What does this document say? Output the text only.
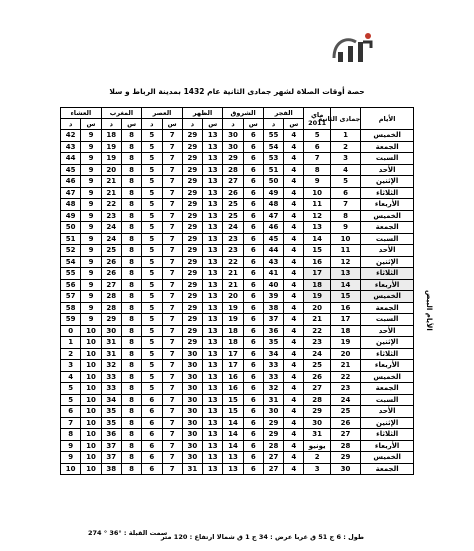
حصة أوقات الصلاة لشهر جمادى الثانية عام 1432 بمدينة الرباط و سلا
الأيام	جمادى الثانية	ماي
2011	الفجر		الشروق		الظهر		العصر		المغرب		العشاء	
			س	د	س	د	س	د	س	د	س	د	س	د
الخميس	1	5	4	55	6	30	13	29	7	5	8	18	9	42
الجمعة	2	6	4	54	6	30	13	29	7	5	8	19	9	43
السبت	3	7	4	53	6	29	13	29	7	5	8	19	9	44
الأحد	4	8	4	51	6	28	13	29	7	5	8	20	9	45
الإثنين	5	9	4	50	6	27	13	29	7	5	8	21	9	46
الثلاثاء	6	10	4	49	6	26	13	29	7	5	8	21	9	47
الأربعاء	7	11	4	48	6	25	13	29	7	5	8	22	9	48
الخميس	8	12	4	47	6	25	13	29	7	5	8	23	9	49
الجمعة	9	13	4	46	6	24	13	29	7	5	8	24	9	50
السبت	10	14	4	45	6	23	13	29	7	5	8	24	9	51
الأحد	11	15	4	44	6	23	13	29	7	5	8	25	9	52
الإثنين	12	16	4	43	6	22	13	29	7	5	8	26	9	54
الثلاثاء	13	17	4	41	6	21	13	29	7	5	8	26	9	55
الأربعاء	14	18	4	40	6	21	13	29	7	5	8	27	9	56
الخميس	15	19	4	39	6	20	13	29	7	5	8	28	9	57
الجمعة	16	20	4	38	6	19	13	29	7	5	8	28	9	58
السبت	17	21	4	37	6	19	13	29	7	5	8	29	9	59
الأحد	18	22	4	36	6	18	13	29	7	5	8	30	10	0
الإثنين	19	23	4	35	6	18	13	29	7	5	8	31	10	1
الثلاثاء	20	24	4	34	6	17	13	30	7	5	8	31	10	2
الأربعاء	21	25	4	33	6	17	13	30	7	5	8	32	10	3
الخميس	22	26	4	33	6	16	13	30	7	5	8	33	10	4
الجمعة	23	27	4	32	6	16	13	30	7	5	8	33	10	5
السبت	24	28	4	31	6	15	13	30	7	6	8	34	10	5
الأحد	25	29	4	30	6	15	13	30	7	6	8	35	10	6
الإثنين	26	30	4	29	6	14	13	30	7	6	8	35	10	7
الثلاثاء	27	31	4	29	6	14	13	30	7	6	8	36	10	8
الأربعاء	28	يونيو	4	28	6	14	13	30	7	6	8	37	10	9
الخميس	29	2	4	27	6	13	13	30	7	6	8	37	10	9
الجمعة	30	3	4	27	6	13	13	31	7	6	8	38	10	10
الأيام البيض
طول : 6 ج 51 ق غربا عرض : 34 ج 1 ق شمالا ارتفاع : 120 متر
سمت القبلة : °36 ° 274
